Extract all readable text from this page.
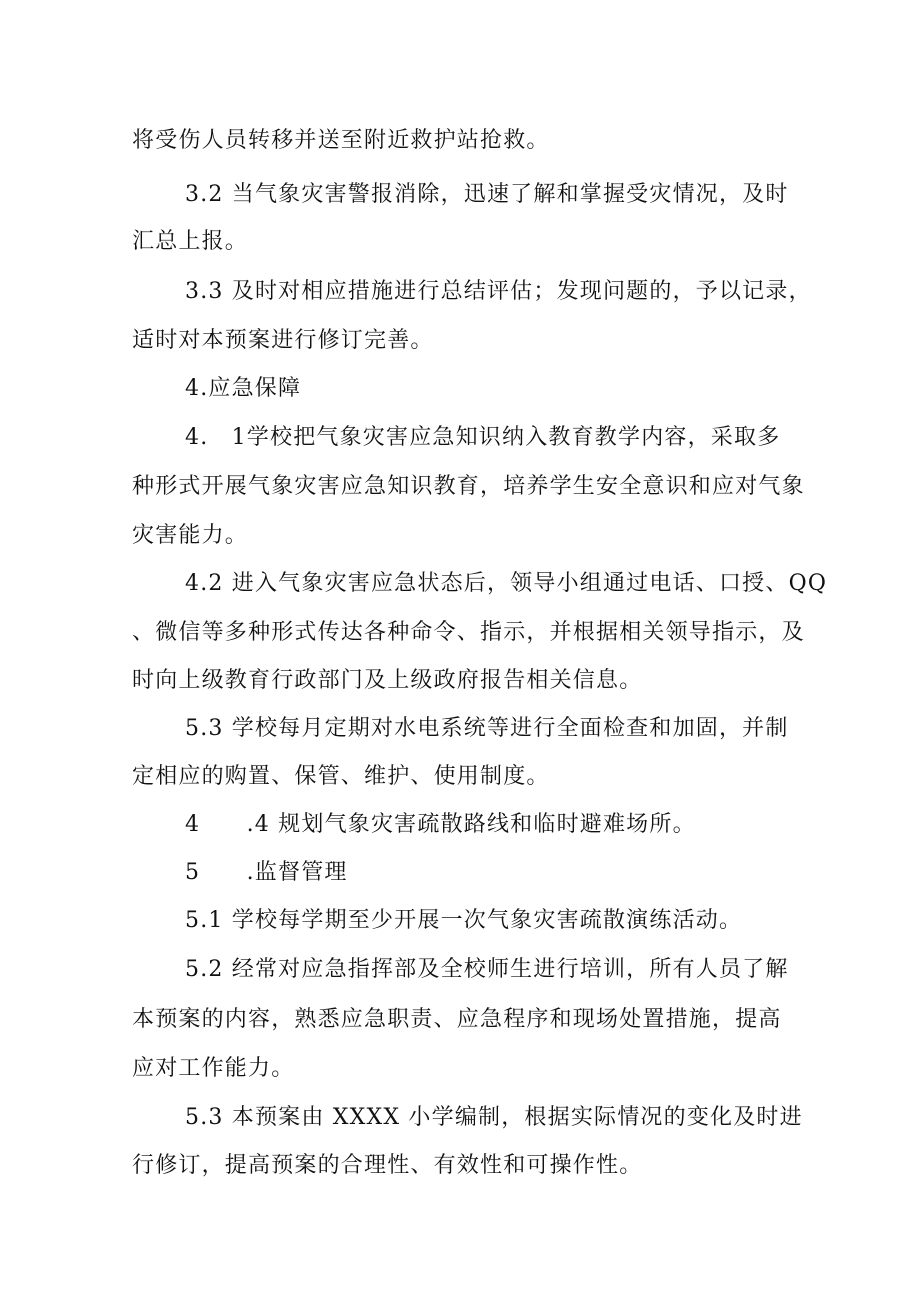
将受伤人员转移并送至附近救护站抢救。
3.2 当气象灾害警报消除，迅速了解和掌握受灾情况，及时
汇总上报。
3.3 及时对相应措施进行总结评估；发现问题的，予以记录，
适时对本预案进行修订完善。
4.应急保障
4.　1学校把气象灾害应急知识纳入教育教学内容，采取多
种形式开展气象灾害应急知识教育，培养学生安全意识和应对气象
灾害能力。
4.2 进入气象灾害应急状态后，领导小组通过电话、口授、QQ
、微信等多种形式传达各种命令、指示，并根据相关领导指示，及
时向上级教育行政部门及上级政府报告相关信息。
5.3 学校每月定期对水电系统等进行全面检查和加固，并制
定相应的购置、保管、维护、使用制度。
4　　.4 规划气象灾害疏散路线和临时避难场所。
5　　.监督管理
5.1 学校每学期至少开展一次气象灾害疏散演练活动。
5.2 经常对应急指挥部及全校师生进行培训，所有人员了解
本预案的内容，熟悉应急职责、应急程序和现场处置措施，提高
应对工作能力。
5.3 本预案由 XXXX 小学编制，根据实际情况的变化及时进
行修订，提高预案的合理性、有效性和可操作性。
